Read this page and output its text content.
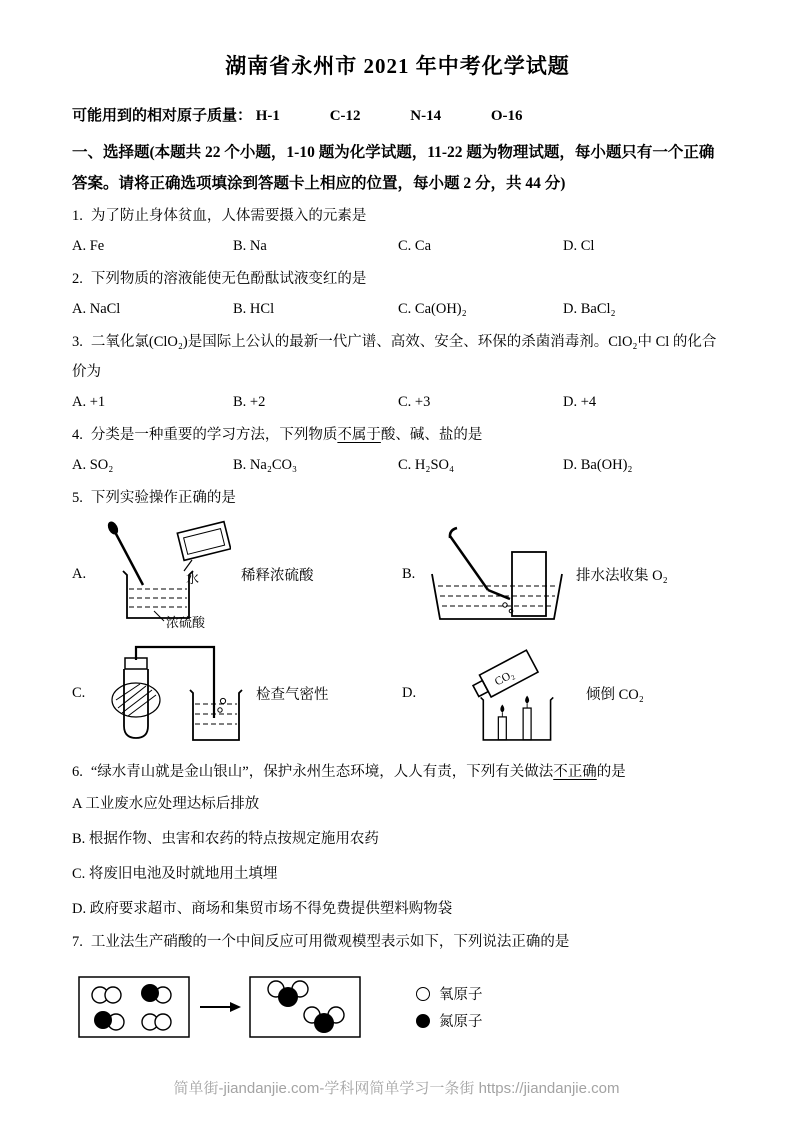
湖南省永州市 2021 年中考化学试题
可能用到的相对原子质量： H-1	C-12	N-14	O-16
一、选择题(本题共 22 个小题，1-10 题为化学试题，11-22 题为物理试题，每小题只有一个正确答案。请将正确选项填涂到答题卡上相应的位置，每小题 2 分，共 44 分)
1. 为了防止身体贫血，人体需要摄入的元素是
A. Fe	B. Na	C. Ca	D. Cl
2. 下列物质的溶液能使无色酚酞试液变红的是
A. NaCl	B. HCl	C. Ca(OH)₂	D. BaCl₂
3. 二氧化氯(ClO₂)是国际上公认的最新一代广谱、高效、安全、环保的杀菌消毒剂。ClO₂中 Cl 的化合价为
A. +1	B. +2	C. +3	D. +4
4. 分类是一种重要的学习方法，下列物质不属于酸、碱、盐的是
A. SO₂	B. Na₂CO₃	C. H₂SO₄	D. Ba(OH)₂
5. 下列实验操作正确的是
A.	水
浓硫酸
稀释浓硫酸	B.	排水法收集 O₂
C.	检查气密性	D.
CO₂
倾倒 CO₂
6. “绿水青山就是金山银山”，保护永州生态环境，人人有责，下列有关做法不正确的是
A 工业废水应处理达标后排放
B. 根据作物、虫害和农药的特点按规定施用农药
C. 将废旧电池及时就地用土填埋
D. 政府要求超市、商场和集贸市场不得免费提供塑料购物袋
7. 工业法生产硝酸的一个中间反应可用微观模型表示如下，下列说法正确的是
氧原子
氮原子
简单街-jiandanjie.com-学科网简单学习一条街 https://jiandanjie.com
